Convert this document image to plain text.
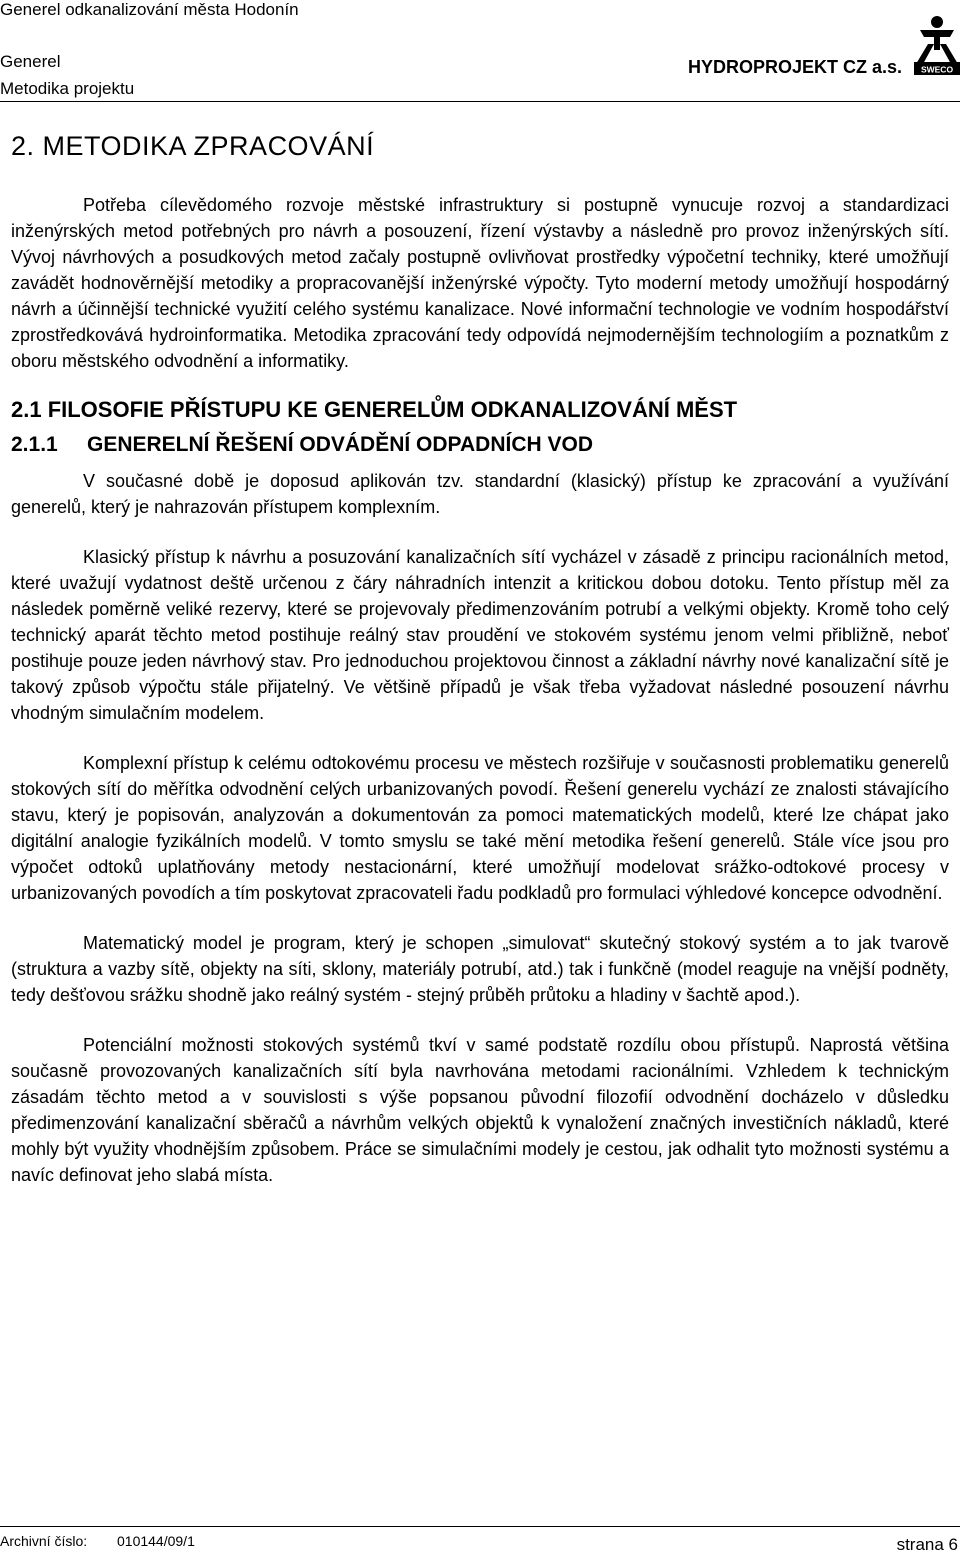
Generel odkanalizování města Hodonín
Generel
Metodika projektu
HYDROPROJEKT CZ a.s. SWECO
2. METODIKA ZPRACOVÁNÍ

Potřeba cílevědomého rozvoje městské infrastruktury si postupně vynucuje rozvoj a standardizaci inženýrských metod potřebných pro návrh a posouzení, řízení výstavby a následně pro provoz inženýrských sítí. Vývoj návrhových a posudkových metod začaly postupně ovlivňovat prostředky výpočetní techniky, které umožňují zavádět hodnověrnější metodiky a propracovanější inženýrské výpočty. Tyto moderní metody umožňují hospodárný návrh a účinnější technické využití celého systému kanalizace. Nové informační technologie ve vodním hospodářství zprostředkovává hydroinformatika. Metodika zpracování tedy odpovídá nejmodernějším technologiím a poznatkům z oboru městského odvodnění a informatiky.

2.1 FILOSOFIE PŘÍSTUPU KE GENERELŮM ODKANALIZOVÁNÍ MĚST
2.1.1 GENERELNÍ ŘEŠENÍ ODVÁDĚNÍ ODPADNÍCH VOD

V současné době je doposud aplikován tzv. standardní (klasický) přístup ke zpracování a využívání generelů, který je nahrazován přístupem komplexním.

Klasický přístup k návrhu a posuzování kanalizačních sítí vycházel v zásadě z principu racionálních metod, které uvažují vydatnost deště určenou z čáry náhradních intenzit a kritickou dobou dotoku. Tento přístup měl za následek poměrně veliké rezervy, které se projevovaly předimenzováním potrubí a velkými objekty. Kromě toho celý technický aparát těchto metod postihuje reálný stav proudění ve stokovém systému jenom velmi přibližně, neboť postihuje pouze jeden návrhový stav. Pro jednoduchou projektovou činnost a základní návrhy nové kanalizační sítě je takový způsob výpočtu stále přijatelný. Ve většině případů je však třeba vyžadovat následné posouzení návrhu vhodným simulačním modelem.

Komplexní přístup k celému odtokovému procesu ve městech rozšiřuje v současnosti problematiku generelů stokových sítí do měřítka odvodnění celých urbanizovaných povodí. Řešení generelu vychází ze znalosti stávajícího stavu, který je popisován, analyzován a dokumentován za pomoci matematických modelů, které lze chápat jako digitální analogie fyzikálních modelů. V tomto smyslu se také mění metodika řešení generelů. Stále více jsou pro výpočet odtoků uplatňovány metody nestacionární, které umožňují modelovat srážko-odtokové procesy v urbanizovaných povodích a tím poskytovat zpracovateli řadu podkladů pro formulaci výhledové koncepce odvodnění.

Matematický model je program, který je schopen „simulovat“ skutečný stokový systém a to jak tvarově (struktura a vazby sítě, objekty na síti, sklony, materiály potrubí, atd.) tak i funkčně (model reaguje na vnější podněty, tedy dešťovou srážku shodně jako reálný systém - stejný průběh průtoku a hladiny v šachtě apod.).

Potenciální možnosti stokových systémů tkví v samé podstatě rozdílu obou přístupů. Naprostá většina současně provozovaných kanalizačních sítí byla navrhována metodami racionálními. Vzhledem k technickým zásadám těchto metod a v souvislosti s výše popsanou původní filozofií odvodnění docházelo v důsledku předimenzování kanalizační sběračů a návrhům velkých objektů k vynaložení značných investičních nákladů, které mohly být využity vhodnějším způsobem. Práce se simulačními modely je cestou, jak odhalit tyto možnosti systému a navíc definovat jeho slabá místa.

Archivní číslo: 010144/09/1	strana 6
